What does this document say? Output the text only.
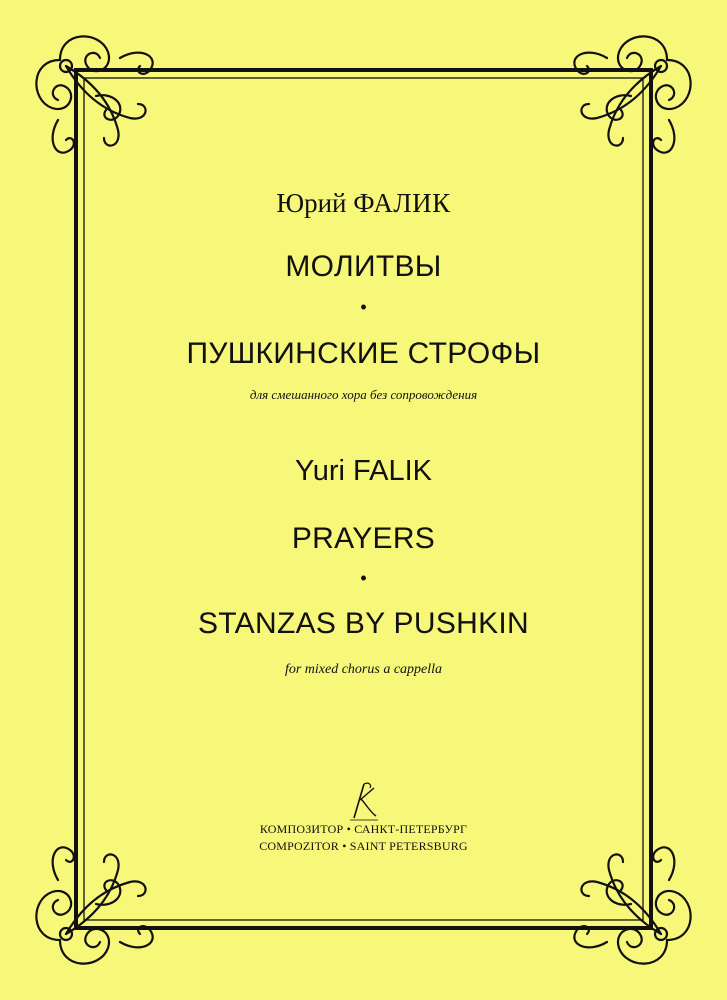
Юрий ФАЛИК
МОЛИТВЫ
•
ПУШКИНСКИЕ СТРОФЫ
для смешанного хора без сопровождения
Yuri FALIK
PRAYERS
•
STANZAS BY PUSHKIN
for mixed chorus a cappella
КОМПОЗИТОР • САНКТ-ПЕТЕРБУРГ
COMPOZITOR • SAINT PETERSBURG
